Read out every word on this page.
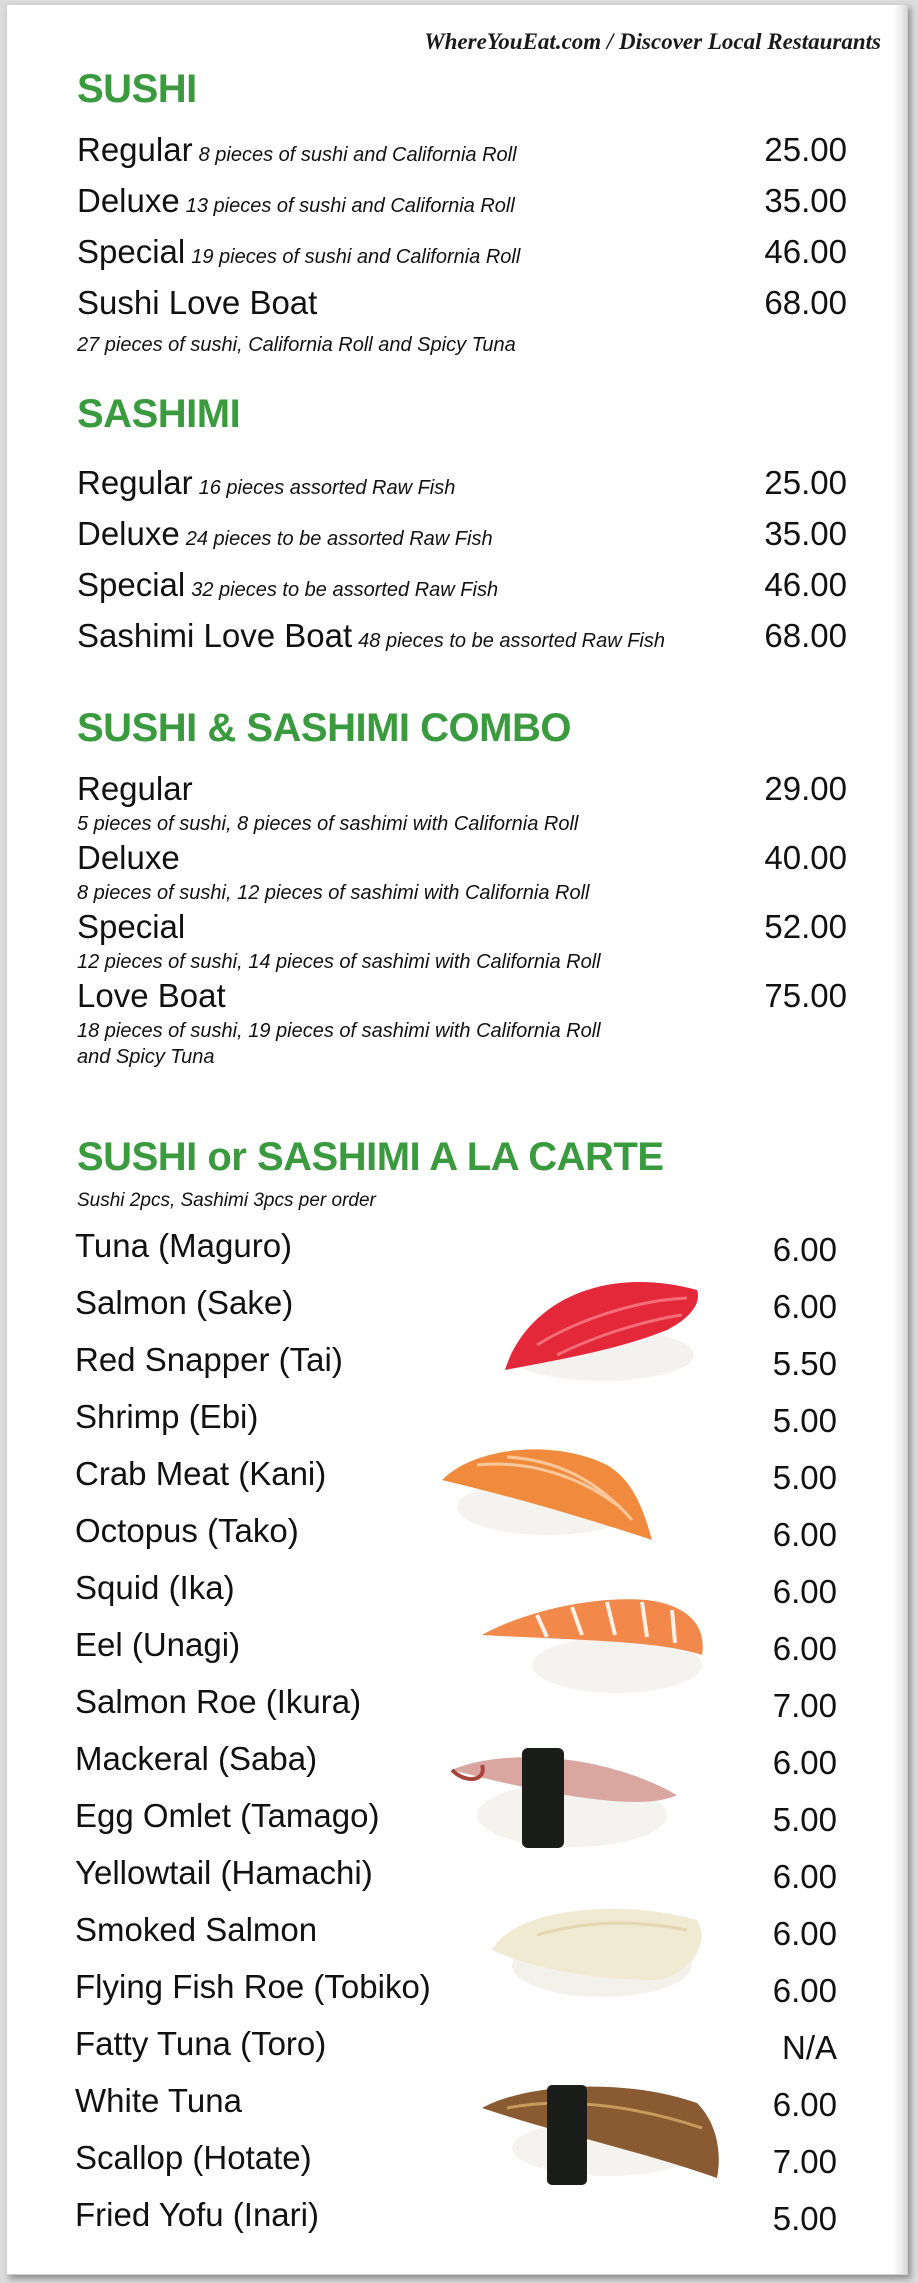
WhereYouEat.com / Discover Local Restaurants
SUSHI
Regular 8 pieces of sushi and California Roll	25.00
Deluxe 13 pieces of sushi and California Roll	35.00
Special 19 pieces of sushi and California Roll	46.00
Sushi Love Boat	68.00
27 pieces of sushi, California Roll and Spicy Tuna
SASHIMI
Regular 16 pieces assorted Raw Fish	25.00
Deluxe 24 pieces to be assorted Raw Fish	35.00
Special 32 pieces to be assorted Raw Fish	46.00
Sashimi Love Boat 48 pieces to be assorted Raw Fish	68.00
SUSHI & SASHIMI COMBO
Regular	29.00
5 pieces of sushi, 8 pieces of sashimi with California Roll
Deluxe	40.00
8 pieces of sushi, 12 pieces of sashimi with California Roll
Special	52.00
12 pieces of sushi, 14 pieces of sashimi with California Roll
Love Boat	75.00
18 pieces of sushi, 19 pieces of sashimi with California Roll
and Spicy Tuna
SUSHI or SASHIMI A LA CARTE
Sushi 2pcs, Sashimi 3pcs per order
Tuna (Maguro)	6.00
Salmon (Sake)	6.00
Red Snapper (Tai)	5.50
Shrimp (Ebi)	5.00
Crab Meat (Kani)	5.00
Octopus (Tako)	6.00
Squid (Ika)	6.00
Eel (Unagi)	6.00
Salmon Roe (Ikura)	7.00
Mackeral (Saba)	6.00
Egg Omlet (Tamago)	5.00
Yellowtail (Hamachi)	6.00
Smoked Salmon	6.00
Flying Fish Roe (Tobiko)	6.00
Fatty Tuna (Toro)	N/A
White Tuna	6.00
Scallop (Hotate)	7.00
Fried Yofu (Inari)	5.00
